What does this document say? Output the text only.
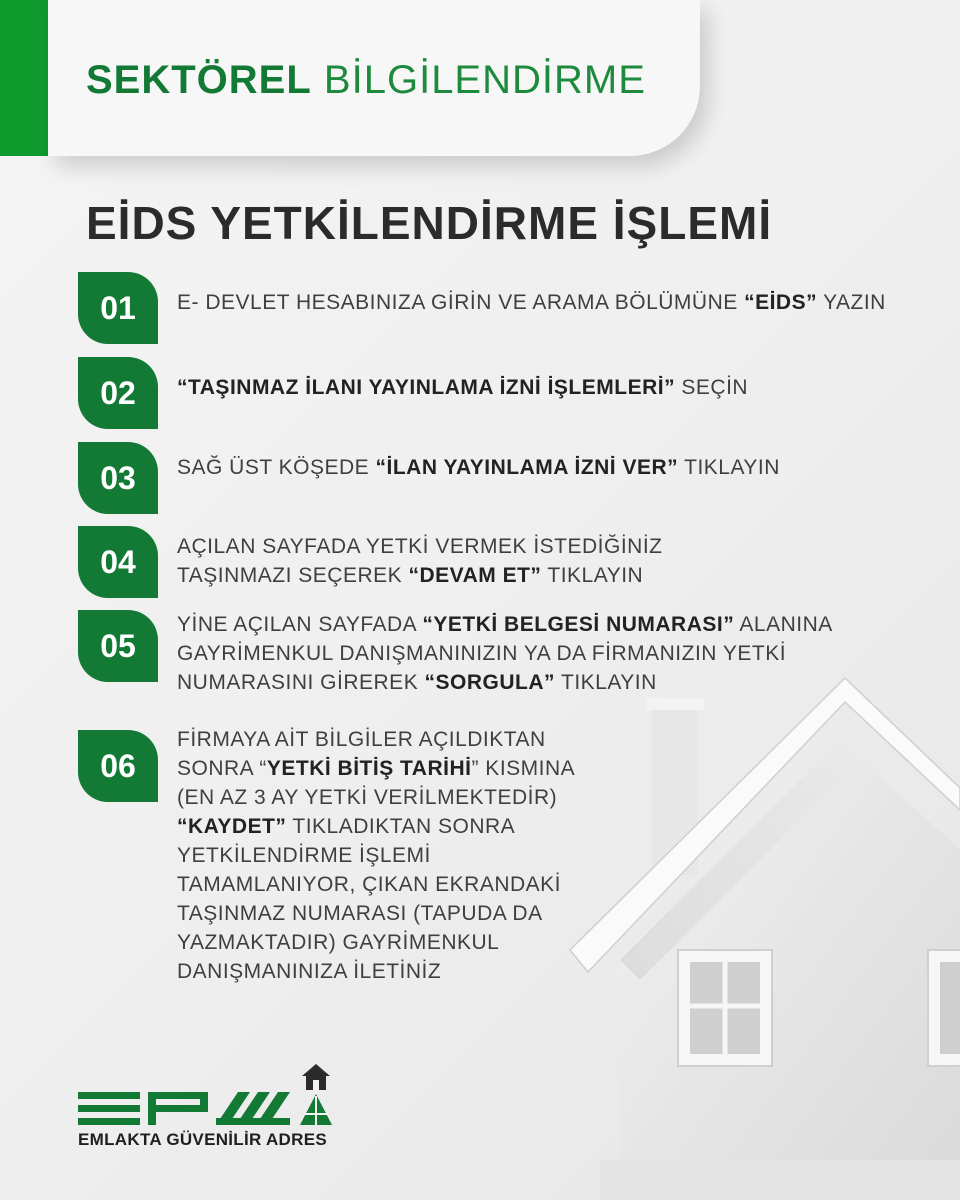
SEKTÖREL BİLGİLENDİRME
EİDS YETKİLENDİRME İŞLEMİ
01	E- DEVLET HESABINIZA GİRİN VE ARAMA BÖLÜMÜNE “EİDS” YAZIN
02	“TAŞINMAZ İLANI YAYINLAMA İZNİ İŞLEMLERİ” SEÇİN
03	SAĞ ÜST KÖŞEDE “İLAN YAYINLAMA İZNİ VER” TIKLAYIN
04	AÇILAN SAYFADA YETKİ VERMEK İSTEDİĞİNİZ
TAŞINMAZI SEÇEREK “DEVAM ET” TIKLAYIN
05
YİNE AÇILAN SAYFADA “YETKİ BELGESİ NUMARASI” ALANINA
GAYRİMENKUL DANIŞMANINIZIN YA DA FİRMANIZIN YETKİ
NUMARASINI GİREREK “SORGULA” TIKLAYIN
06
FİRMAYA AİT BİLGİLER AÇILDIKTAN
SONRA “YETKİ BİTİŞ TARİHİ” KISMINA
(EN AZ 3 AY YETKİ VERİLMEKTEDİR)
“KAYDET” TIKLADIKTAN SONRA
YETKİLENDİRME İŞLEMİ
TAMAMLANIYOR, ÇIKAN EKRANDAKİ
TAŞINMAZ NUMARASI (TAPUDA DA
YAZMAKTADIR) GAYRİMENKUL
DANIŞMANINIZA İLETİNİZ
EMLAKTA GÜVENİLİR ADRES
